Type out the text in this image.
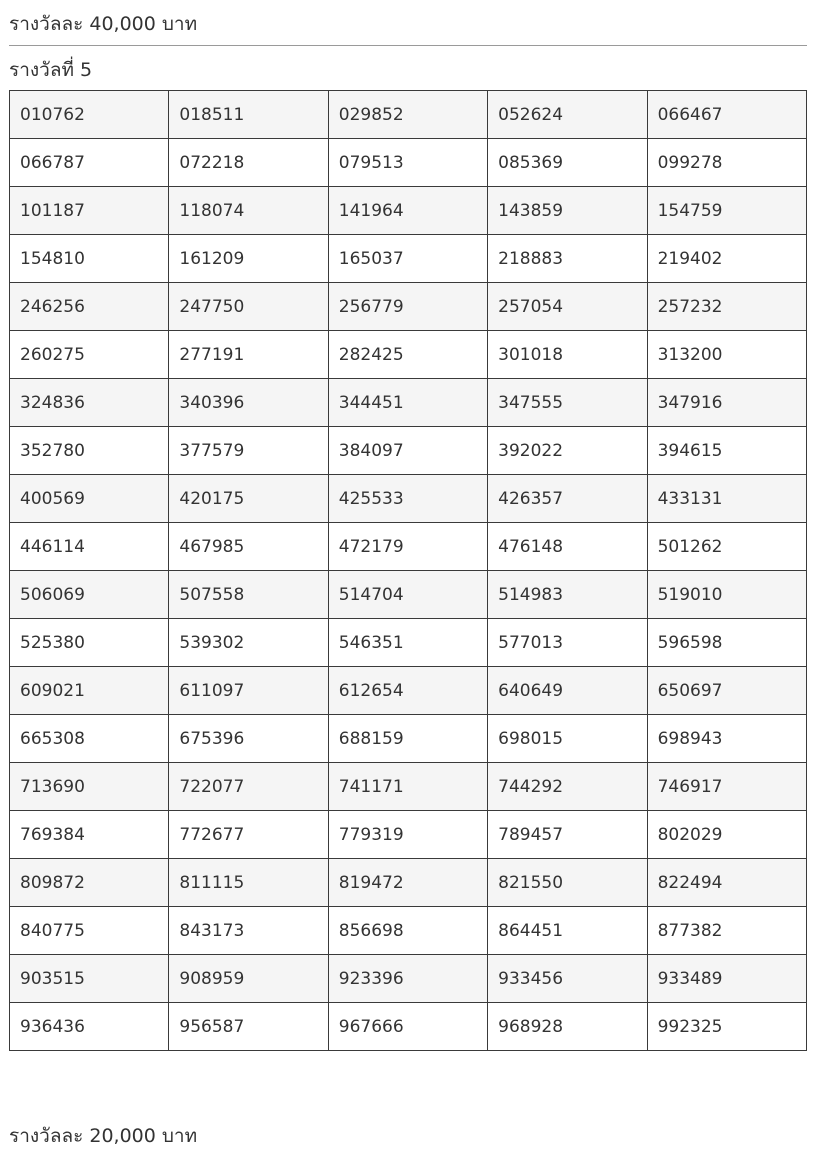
รางวัลละ 40,000 บาท
รางวัลที่ 5
010762	018511	029852	052624	066467
066787	072218	079513	085369	099278
101187	118074	141964	143859	154759
154810	161209	165037	218883	219402
246256	247750	256779	257054	257232
260275	277191	282425	301018	313200
324836	340396	344451	347555	347916
352780	377579	384097	392022	394615
400569	420175	425533	426357	433131
446114	467985	472179	476148	501262
506069	507558	514704	514983	519010
525380	539302	546351	577013	596598
609021	611097	612654	640649	650697
665308	675396	688159	698015	698943
713690	722077	741171	744292	746917
769384	772677	779319	789457	802029
809872	811115	819472	821550	822494
840775	843173	856698	864451	877382
903515	908959	923396	933456	933489
936436	956587	967666	968928	992325
รางวัลละ 20,000 บาท
